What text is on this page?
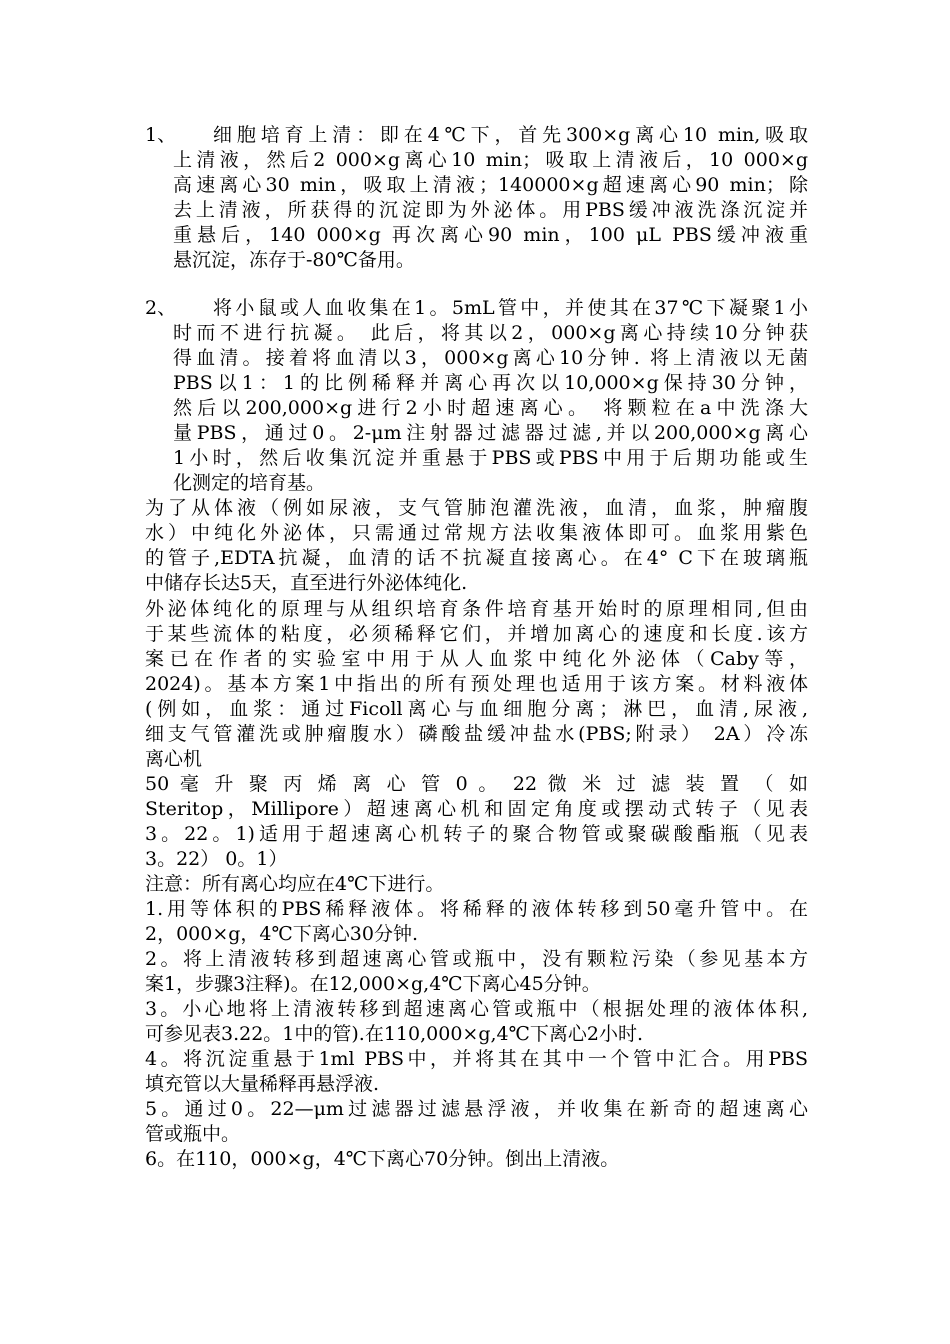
1、 细胞培育上清：即在4℃下，首先300×g离心10 min,吸取
上清液，然后2 000×g离心10 min；吸取上清液后，10 000×g
高速离心30 min，吸取上清液；140000×g超速离心90 min；除
去上清液，所获得的沉淀即为外泌体。用PBS缓冲液洗涤沉淀并
重悬后，140 000×g 再次离心90 min，100 μL PBS缓冲液重
悬沉淀，冻存于-80℃备用。
2、 将小鼠或人血收集在1。5mL管中，并使其在37℃下凝聚1小
时而不进行抗凝。 此后，将其以2，000×g离心持续10分钟获
得血清。接着将血清以3，000×g离心10分钟. 将上清液以无菌
PBS以1：1的比例稀释并离心再次以10,000×g保持30分钟，
然后以200,000×g进行2小时超速离心。 将颗粒在a中洗涤大
量PBS，通过0。2-μm注射器过滤器过滤,并以200,000×g离心
1小时，然后收集沉淀并重悬于PBS或PBS中用于后期功能或生
化测定的培育基。
为了从体液（例如尿液，支气管肺泡灌洗液，血清，血浆，肿瘤腹
水）中纯化外泌体，只需通过常规方法收集液体即可。血浆用紫色
的管子,EDTA抗凝，血清的话不抗凝直接离心。在4° C下在玻璃瓶
中储存长达5天，直至进行外泌体纯化.
外泌体纯化的原理与从组织培育条件培育基开始时的原理相同,但由
于某些流体的粘度，必须稀释它们，并增加离心的速度和长度.该方
案已在作者的实验室中用于从人血浆中纯化外泌体（Caby等，
2024)。基本方案1中指出的所有预处理也适用于该方案。材料液体
(例如，血浆：通过Ficoll离心与血细胞分离；淋巴，血清,尿液,
细支气管灌洗或肿瘤腹水）磷酸盐缓冲盐水(PBS;附录） 2A）冷冻
离心机
50 毫 升 聚 丙 烯 离 心 管 0 。 22 微 米 过 滤 装 置 （ 如
Steritop，Millipore）超速离心机和固定角度或摆动式转子（见表
3。22。1)适用于超速离心机转子的聚合物管或聚碳酸酯瓶（见表
3。22） 0。1）
注意：所有离心均应在4℃下进行。
1.用等体积的PBS稀释液体。将稀释的液体转移到50毫升管中。在
2，000×g，4℃下离心30分钟.
2。将上清液转移到超速离心管或瓶中，没有颗粒污染（参见基本方
案1，步骤3注释)。在12,000×g,4℃下离心45分钟。
3。小心地将上清液转移到超速离心管或瓶中（根据处理的液体体积,
可参见表3.22。1中的管).在110,000×g,4℃下离心2小时.
4。将沉淀重悬于1ml PBS中，并将其在其中一个管中汇合。用PBS
填充管以大量稀释再悬浮液.
5。通过0。22—μm过滤器过滤悬浮液，并收集在新奇的超速离心
管或瓶中。
6。在110，000×g，4℃下离心70分钟。倒出上清液。
